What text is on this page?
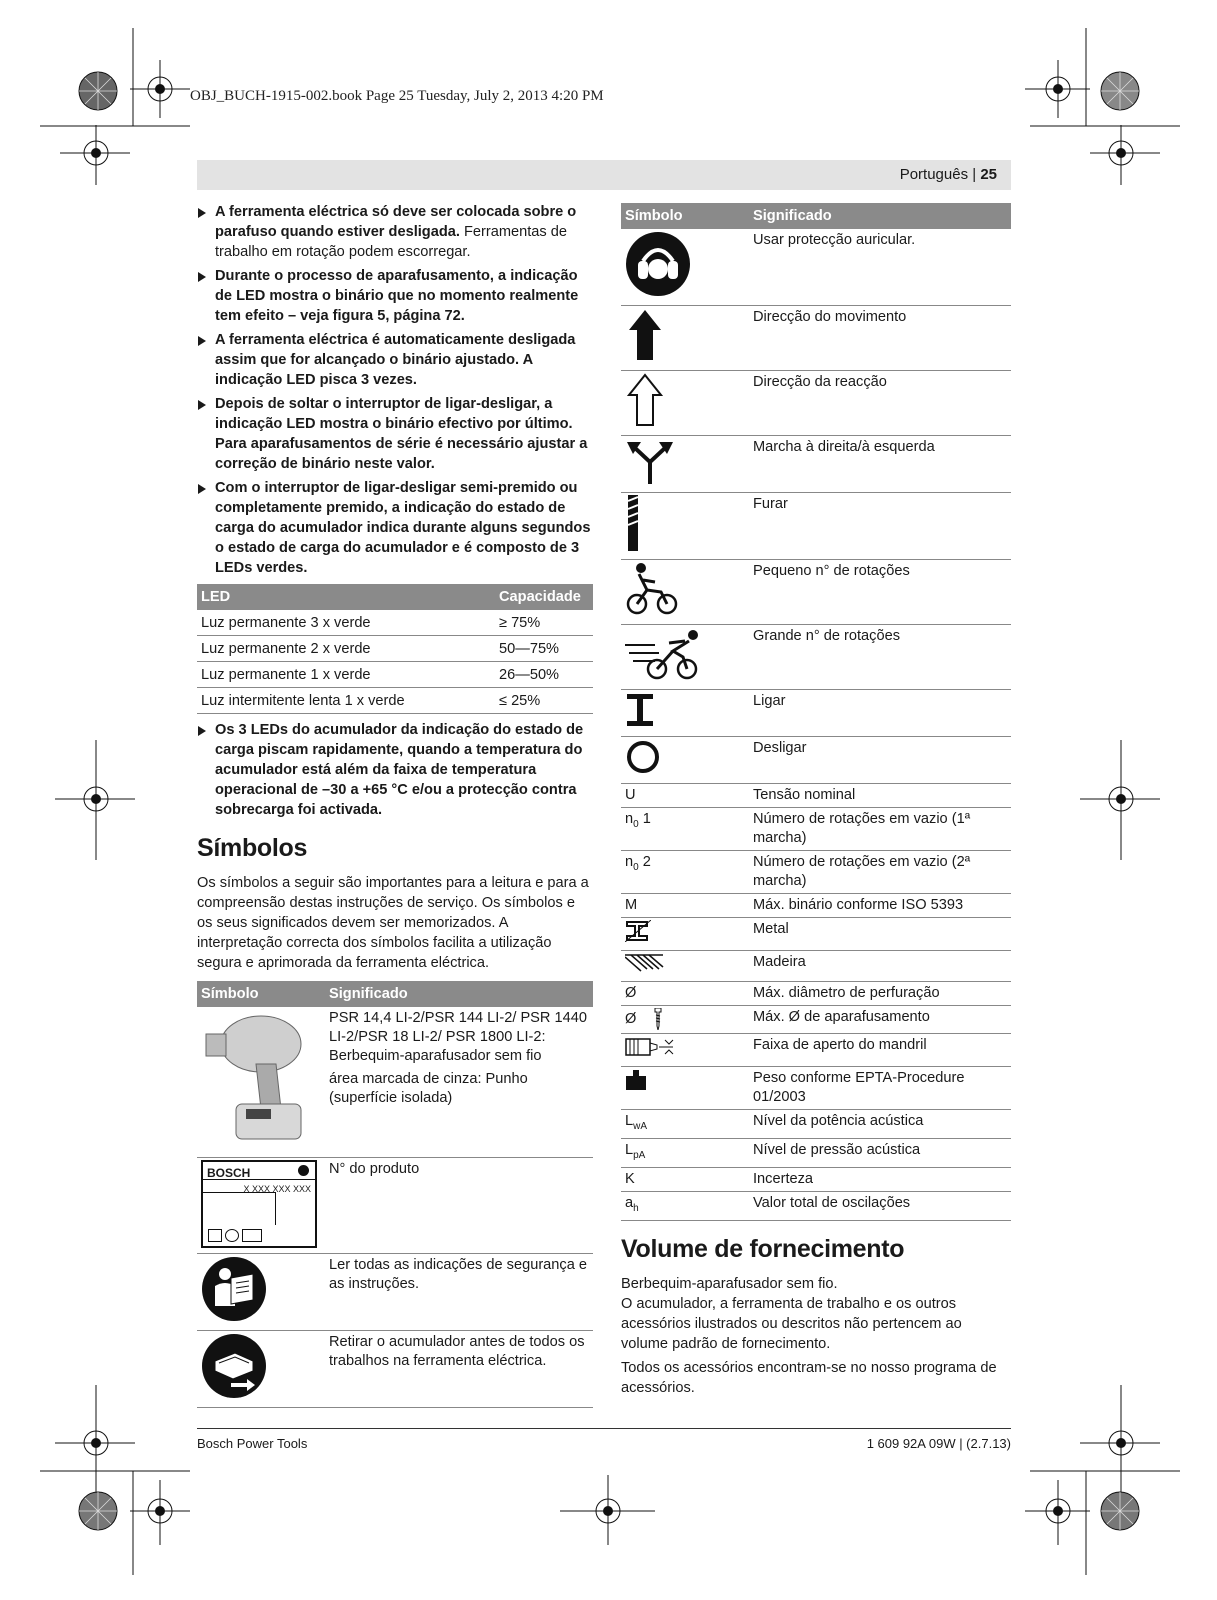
OBJ_BUCH-1915-002.book Page 25 Tuesday, July 2, 2013 4:20 PM
Português | 25
A ferramenta eléctrica só deve ser colocada sobre o parafuso quando estiver desligada. Ferramentas de trabalho em rotação podem escorregar.
Durante o processo de aparafusamento, a indicação de LED mostra o binário que no momento realmente tem efeito – veja figura 5, página 72.
A ferramenta eléctrica é automaticamente desligada assim que for alcançado o binário ajustado. A indicação LED pisca 3 vezes.
Depois de soltar o interruptor de ligar-desligar, a indicação LED mostra o binário efectivo por último. Para aparafusamentos de série é necessário ajustar a correção de binário neste valor.
Com o interruptor de ligar-desligar semi-premido ou completamente premido, a indicação do estado de carga do acumulador indica durante alguns segundos o estado de carga do acumulador e é composto de 3 LEDs verdes.
LED	Capacidade
Luz permanente 3 x verde	≥ 75%
Luz permanente 2 x verde	50—75%
Luz permanente 1 x verde	26—50%
Luz intermitente lenta 1 x verde	≤ 25%
Os 3 LEDs do acumulador da indicação do estado de carga piscam rapidamente, quando a temperatura do acumulador está além da faixa de temperatura operacional de –30 a +65 °C e/ou a protecção contra sobrecarga foi activada.
Símbolos
Os símbolos a seguir são importantes para a leitura e para a compreensão destas instruções de serviço. Os símbolos e os seus significados devem ser memorizados. A interpretação correcta dos símbolos facilita a utilização segura e aprimorada da ferramenta eléctrica.
Símbolo	Significado

PSR 14,4 LI-2/PSR 144 LI-2/ PSR 1440 LI-2/PSR 18 LI-2/ PSR 1800 LI-2: Berbequim-aparafusador sem fio
área marcada de cinza: Punho (superfície isolada)

BOSCH
X XXX XXX XXX	N° do produto
	Ler todas as indicações de segurança e as instruções.
	Retirar o acumulador antes de todos os trabalhos na ferramenta eléctrica.
Símbolo	Significado
	Usar protecção auricular.
	Direcção do movimento
	Direcção da reacção
	Marcha à direita/à esquerda
	Furar
	Pequeno n° de rotações
	Grande n° de rotações
	Ligar
	Desligar
U	Tensão nominal
$n_0$ 1	Número de rotações em vazio (1ª marcha)
$n_0$ 2	Número de rotações em vazio (2ª marcha)
M	Máx. binário conforme ISO 5393
	Metal
	Madeira
Ø	Máx. diâmetro de perfuração
Ø	Máx. Ø de aparafusamento
	Faixa de aperto do mandril
	Peso conforme EPTA-Procedure 01/2003
$L_{wA}$	Nível da potência acústica
$L_{pA}$	Nível de pressão acústica
K	Incerteza
$a_h$	Valor total de oscilações
Volume de fornecimento
Berbequim-aparafusador sem fio.
O acumulador, a ferramenta de trabalho e os outros acessórios ilustrados ou descritos não pertencem ao volume padrão de fornecimento.
Todos os acessórios encontram-se no nosso programa de acessórios.
Bosch Power Tools	1 609 92A 09W | (2.7.13)
